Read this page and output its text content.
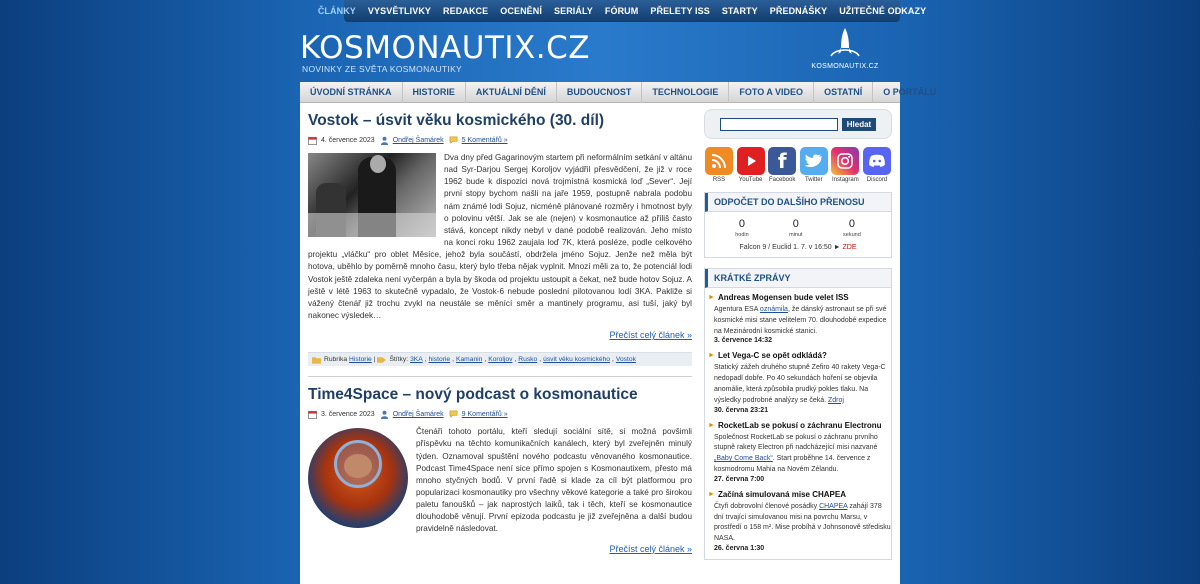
ČLÁNKY	VYSVĚTLIVKY	REDAKCE	OCENĚNÍ	SERIÁLY	FÓRUM	PŘELETY ISS	STARTY	PŘEDNÁŠKY	UŽITEČNÉ ODKAZY
KOSMONAUTIX.CZ
NOVINKY ZE SVĚTA KOSMONAUTIKY	KOSMONAUTIX.CZ
ÚVODNÍ STRÁNKA	HISTORIE	AKTUÁLNÍ DĚNÍ	BUDOUCNOST	TECHNOLOGIE	FOTO A VIDEO	OSTATNÍ	O PORTÁLU
Vostok – úsvit věku kosmického (30. díl)
4. července 2023	Ondřej Šamárek	5 Komentářů »
Dva dny před Gagarinovým startem při neformálním setkání v altánu nad Syr-Darjou Sergej Koroljov vyjádřil přesvědčení, že již v roce 1962 bude k dispozici nová trojmístná kosmická loď „Sever“. Její první stopy bychom našli na jaře 1959, postupně nabrala podobu nám známé lodi Sojuz, nicméně plánované rozměry i hmotnost byly o polovinu větší. Jak se ale (nejen) v kosmonautice až příliš často stává, koncept nikdy nebyl v dané podobě realizován. Jeho místo na konci roku 1962 zaujala loď 7K, která posléze, podle celkového projektu „vláčku“ pro oblet Měsíce, jehož byla součástí, obdržela jméno Sojuz. Jenže než měla být hotova, uběhlo by poměrně mnoho času, který bylo třeba nějak vyplnit. Mnozí měli za to, že potenciál lodi Vostok ještě zdaleka není vyčerpán a byla by škoda od projektu ustoupit a čekat, než bude hotov Sojuz. A ještě v létě 1963 to skutečně vypadalo, že Vostok-6 nebude poslední pilotovanou lodí 3KA. Pakliže si vážený čtenář již trochu zvykl na neustále se měnící směr a mantinely programu, asi tuší, jaký byl nakonec výsledek…
Přečíst celý článek »
Rubrika Historie | Štítky: 3KA , historie , Kamanin , Koroljov , Rusko , úsvit věku kosmického , Vostok
Time4Space – nový podcast o kosmonautice
3. července 2023	Ondřej Šamárek	9 Komentářů »
Čtenáři tohoto portálu, kteří sledují sociální sítě, si možná povšimli příspěvku na těchto komunikačních kanálech, který byl zveřejněn minulý týden. Oznamoval spuštění nového podcastu věnovaného kosmonautice. Podcast Time4Space není sice přímo spojen s Kosmonautixem, přesto má mnoho styčných bodů. V první řadě si klade za cíl být platformou pro popularizaci kosmonautiky pro všechny věkové kategorie a také pro širokou paletu fanoušků – jak naprostých laiků, tak i těch, kteří se kosmonautice dlouhodobě věnují. První epizoda podcastu je již zveřejněna a další budou pravidelně následovat.
Přečíst celý článek »
Hledat
RSS	YouTube
f
Facebook	Twitter	Instagram	Discord
ODPOČET DO DALŠÍHO PŘENOSU
0
hodin
0
minut
0
sekund
Falcon 9 / Euclid 1. 7. v 16:50 ► ZDE
KRÁTKÉ ZPRÁVY
► Andreas Mogensen bude velet ISS
Agentura ESA oznámila, že dánský astronaut se při své kosmické misi stane velitelem 70. dlouhodobé expedice na Mezinárodní kosmické stanici.
3. července 14:32
► Let Vega-C se opět odkládá?
Statický zážeh druhého stupně Zefiro 40 rakety Vega-C nedopadl dobře. Po 40 sekundách hoření se objevila anomálie, která způsobila prudký pokles tlaku. Na výsledky podrobné analýzy se čeká. Zdroj
30. června 23:21
► RocketLab se pokusí o záchranu Electronu
Společnost RocketLab se pokusí o záchranu prvního stupně rakety Electron při nadcházející misi nazvané „Baby Come Back“. Start proběhne 14. července z kosmodromu Mahia na Novém Zélandu.
27. června 7:00
► Začíná simulovaná mise CHAPEA
Čtyři dobrovolní členové posádky CHAPEA zahájí 378 dní trvající simulovanou misi na povrchu Marsu, v prostředí o 158 m². Mise probíhá v Johnsonově středisku NASA.
26. června 1:30
